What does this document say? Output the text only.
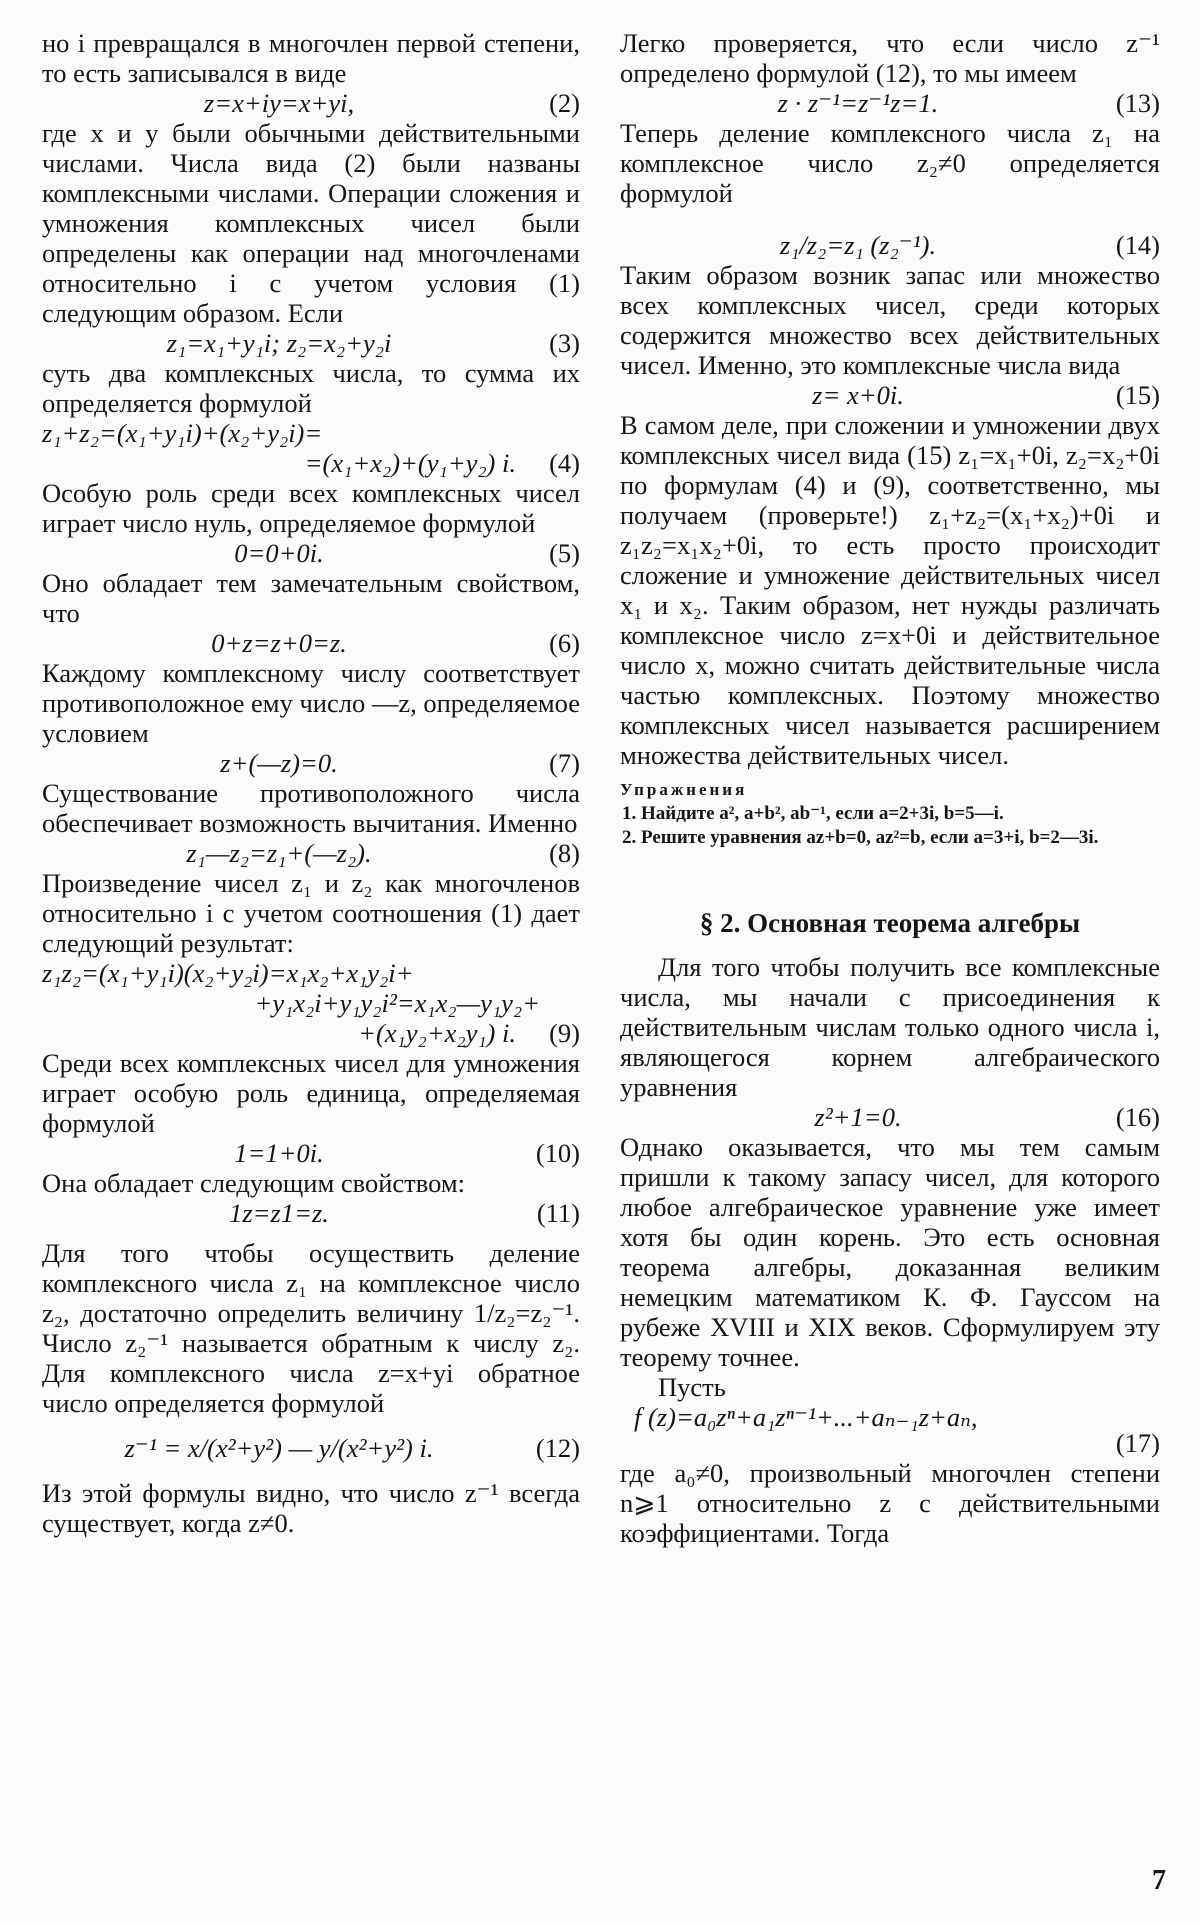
но i превращался в многочлен первой степени, то есть записывался в виде

z=x+iy=x+yi,	(2)

где x и y были обычными действительными числами. Числа вида (2) были названы комплексными числами. Операции сложения и умножения комплексных чисел были определены как операции над многочленами относительно i с учетом условия (1) следующим образом. Если

z₁=x₁+y₁i; z₂=x₂+y₂i	(3)

суть два комплексных числа, то сумма их определяется формулой

z₁+z₂=(x₁+y₁i)+(x₂+y₂i)=
=(x₁+x₂)+(y₁+y₂) i.	(4)

Особую роль среди всех комплексных чисел играет число нуль, определяемое формулой

0=0+0i.	(5)

Оно обладает тем замечательным свойством, что

0+z=z+0=z.	(6)

Каждому комплексному числу соответствует противоположное ему число —z, определяемое условием

z+(—z)=0.	(7)

Существование противоположного числа обеспечивает возможность вычитания. Именно

z₁—z₂=z₁+(—z₂).	(8)

Произведение чисел z₁ и z₂ как многочленов относительно i с учетом соотношения (1) дает следующий результат:

z₁z₂=(x₁+y₁i)(x₂+y₂i)=x₁x₂+x₁y₂i+
+y₁x₂i+y₁y₂i²=x₁x₂—y₁y₂+
+(x₁y₂+x₂y₁) i.	(9)

Среди всех комплексных чисел для умножения играет особую роль единица, определяемая формулой

1=1+0i.	(10)

Она обладает следующим свойством:

1z=z1=z.	(11)

Для того чтобы осуществить деление комплексного числа z₁ на комплексное число z₂, достаточно определить величину 1/z₂=z₂⁻¹. Число z₂⁻¹ называется обратным к числу z₂. Для комплексного числа z=x+yi обратное число определяется формулой

z⁻¹ = x/(x²+y²) — y/(x²+y²) i.	(12)

Из этой формулы видно, что число z⁻¹ всегда существует, когда z≠0.

Легко проверяется, что если число z⁻¹ определено формулой (12), то мы имеем

z · z⁻¹=z⁻¹z=1.	(13)

Теперь деление комплексного числа z₁ на комплексное число z₂≠0 определяется формулой

z₁/z₂=z₁ (z₂⁻¹).	(14)

Таким образом возник запас или множество всех комплексных чисел, среди которых содержится множество всех действительных чисел. Именно, это комплексные числа вида

z= x+0i.	(15)

В самом деле, при сложении и умножении двух комплексных чисел вида (15) z₁=x₁+0i, z₂=x₂+0i по формулам (4) и (9), соответственно, мы получаем (проверьте!) z₁+z₂=(x₁+x₂)+0i и z₁z₂=x₁x₂+0i, то есть просто происходит сложение и умножение действительных чисел x₁ и x₂. Таким образом, нет нужды различать комплексное число z=x+0i и действительное число x, можно считать действительные числа частью комплексных. Поэтому множество комплексных чисел называется расширением множества действительных чисел.

Упражнения

1. Найдите a², a+b², ab⁻¹, если a=2+3i, b=5—i.

2. Решите уравнения az+b=0, az²=b, если a=3+i, b=2—3i.

§ 2. Основная теорема алгебры

Для того чтобы получить все комплексные числа, мы начали с присоединения к действительным числам только одного числа i, являющегося корнем алгебраического уравнения

z²+1=0.	(16)

Однако оказывается, что мы тем самым пришли к такому запасу чисел, для которого любое алгебраическое уравнение уже имеет хотя бы один корень. Это есть основная теорема алгебры, доказанная великим немецким математиком К. Ф. Гауссом на рубеже XVIII и XIX веков. Сформулируем эту теорему точнее.

Пусть

f (z)=a₀zⁿ+a₁zⁿ⁻¹+...+aₙ₋₁z+aₙ,
(17)

где a₀≠0, произвольный многочлен степени n⩾1 относительно z с действительными коэффициентами. Тогда

7
